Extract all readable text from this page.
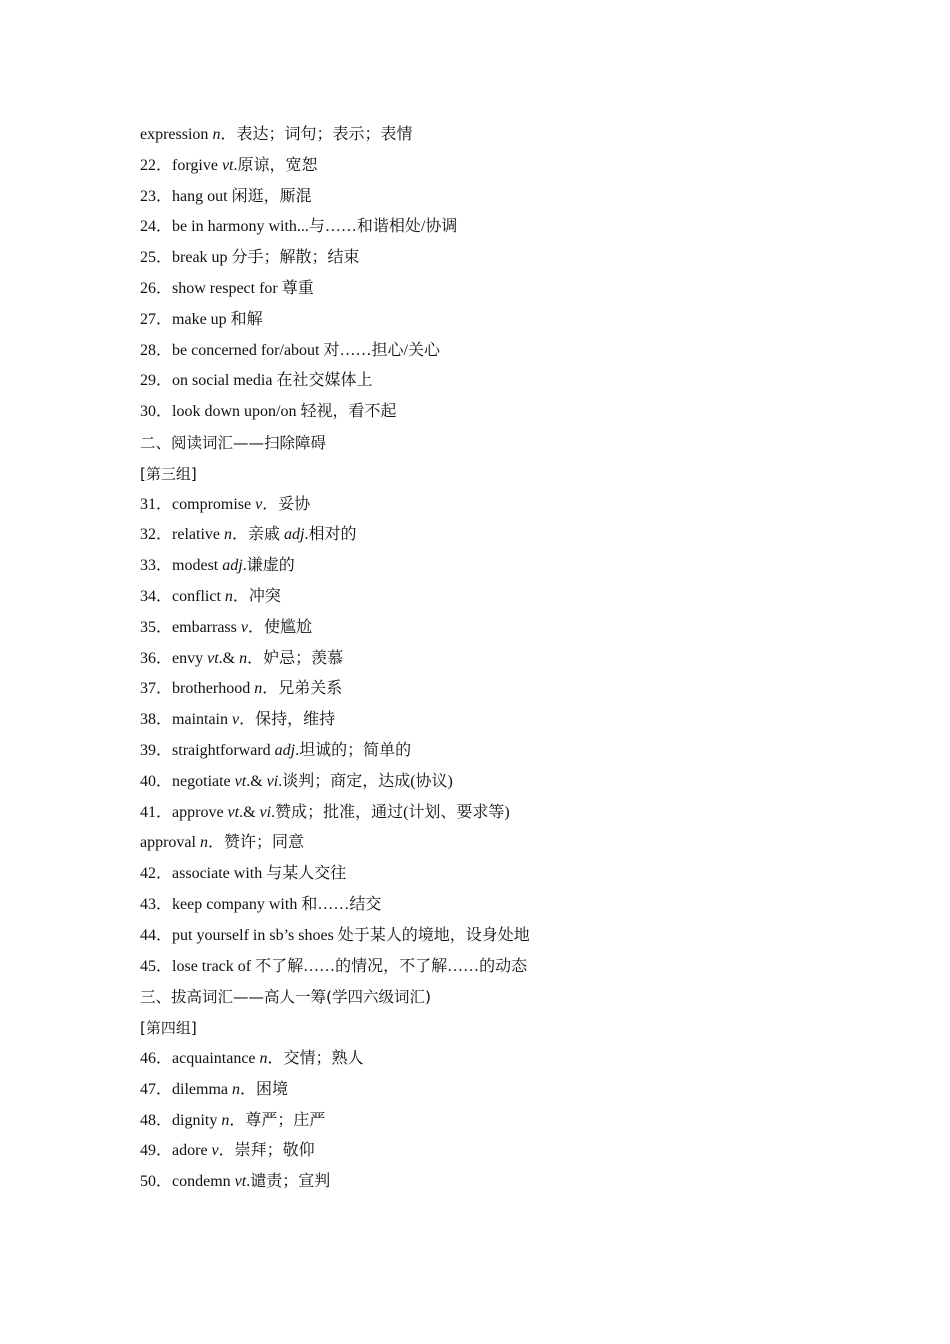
expression n．表达；词句；表示；表情
22．forgive vt.原谅，宽恕
23．hang out 闲逛，厮混
24．be in harmony with...与……和谐相处/协调
25．break up 分手；解散；结束
26．show respect for 尊重
27．make up 和解
28．be concerned for/about 对……担心/关心
29．on social media 在社交媒体上
30．look down upon/on 轻视，看不起
二、阅读词汇——扫除障碍
[第三组]
31．compromise v．妥协
32．relative n．亲戚 adj.相对的
33．modest adj.谦虚的
34．conflict n．冲突
35．embarrass v．使尴尬
36．envy vt.& n．妒忌；羡慕
37．brotherhood n．兄弟关系
38．maintain v．保持，维持
39．straightforward adj.坦诚的；简单的
40．negotiate vt.& vi.谈判；商定，达成(协议)
41．approve vt.& vi.赞成；批准，通过(计划、要求等)
approval n．赞许；同意
42．associate with 与某人交往
43．keep company with 和……结交
44．put yourself in sb’s shoes 处于某人的境地，设身处地
45．lose track of 不了解……的情况，不了解……的动态
三、拔高词汇——高人一筹(学四六级词汇)
[第四组]
46．acquaintance n．交情；熟人
47．dilemma n．困境
48．dignity n．尊严；庄严
49．adore v．崇拜；敬仰
50．condemn vt.谴责；宣判
